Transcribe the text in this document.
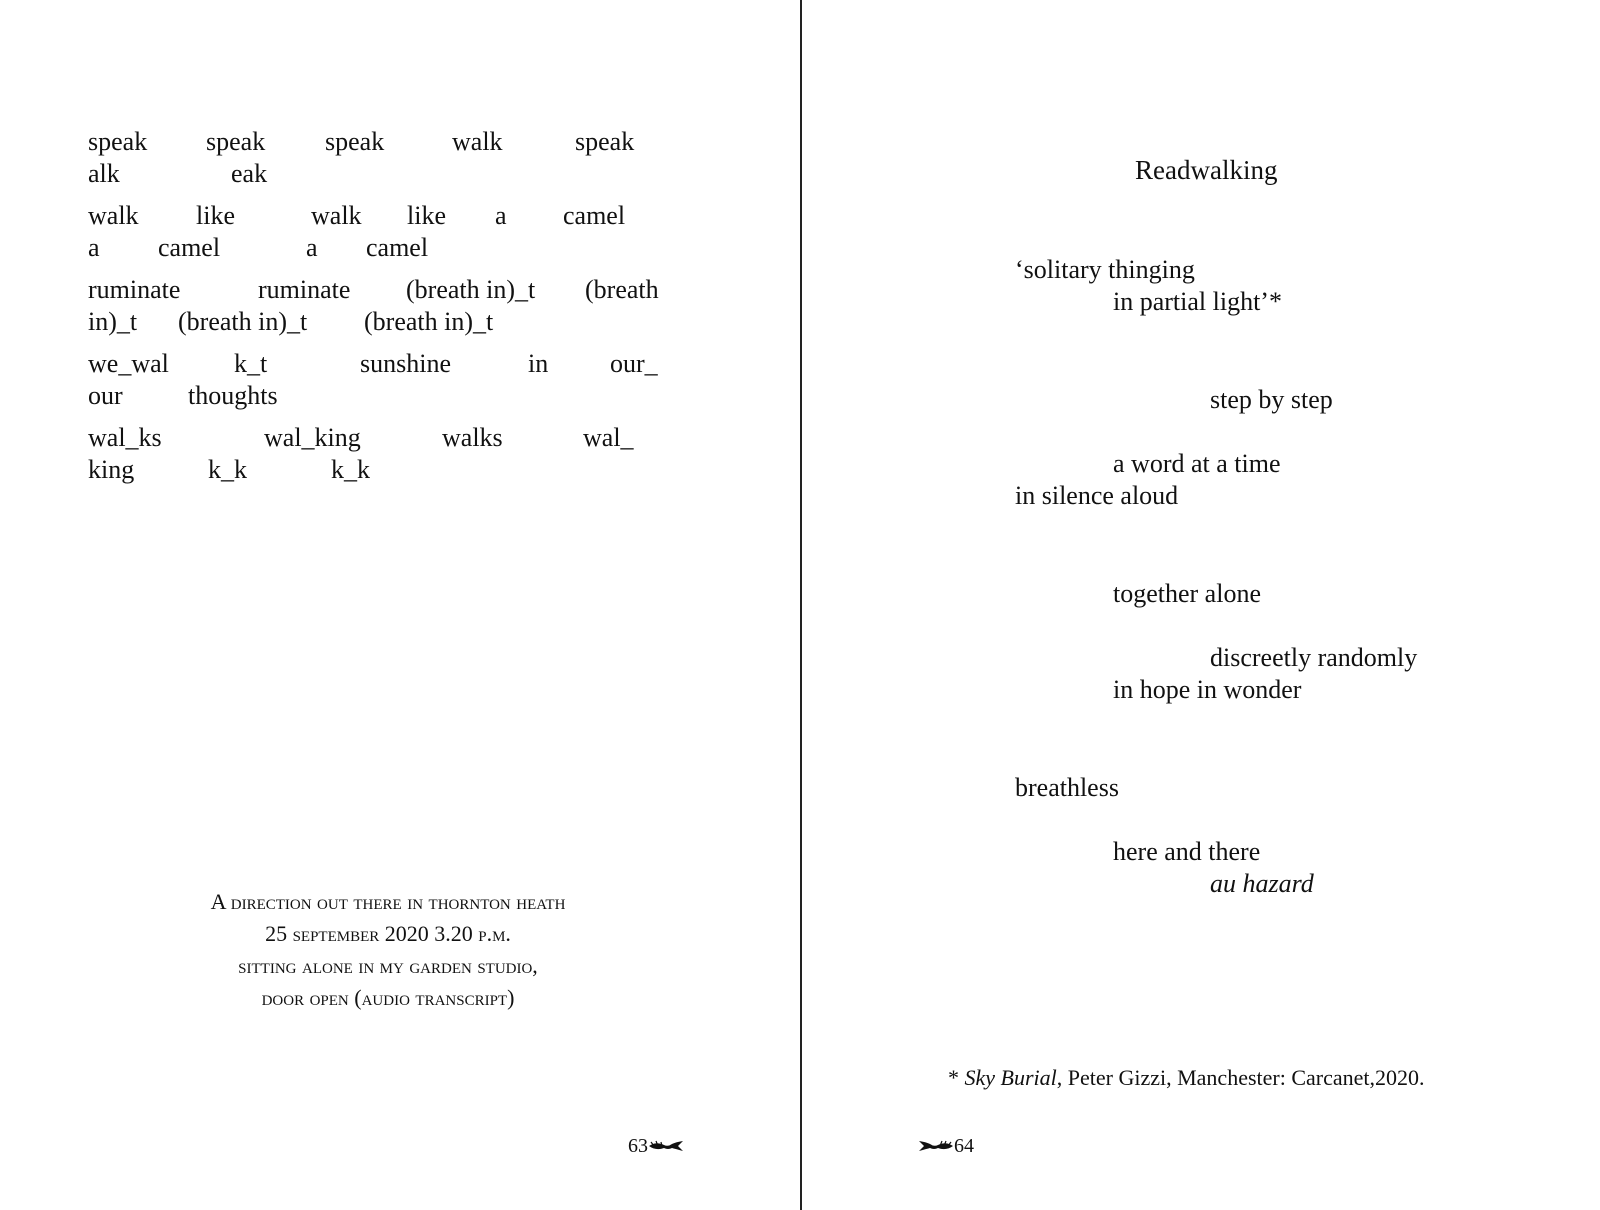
speak speak speak	walk	speak
alk	eak
walk like	walk like a camel
a camel	a camel
ruminate	ruminate (breath in)_t (breath
in)_t (breath in)_t (breath in)_t
we_wal	k_t	sunshine	in our_
our	thoughts
wal_ks	wal_king	walks	wal_
king	k_k	k_k
A direction out there in thornton heath
25 september 2020 3.20 p.m.
sitting alone in my garden studio,
door open (audio transcript)
63
Readwalking
‘solitary thinging
in partial light’*
step by step
a word at a time
in silence aloud
together alone
discreetly randomly
in hope in wonder
breathless
here and there
au hazard
* Sky Burial, Peter Gizzi, Manchester: Carcanet,2020.
64
